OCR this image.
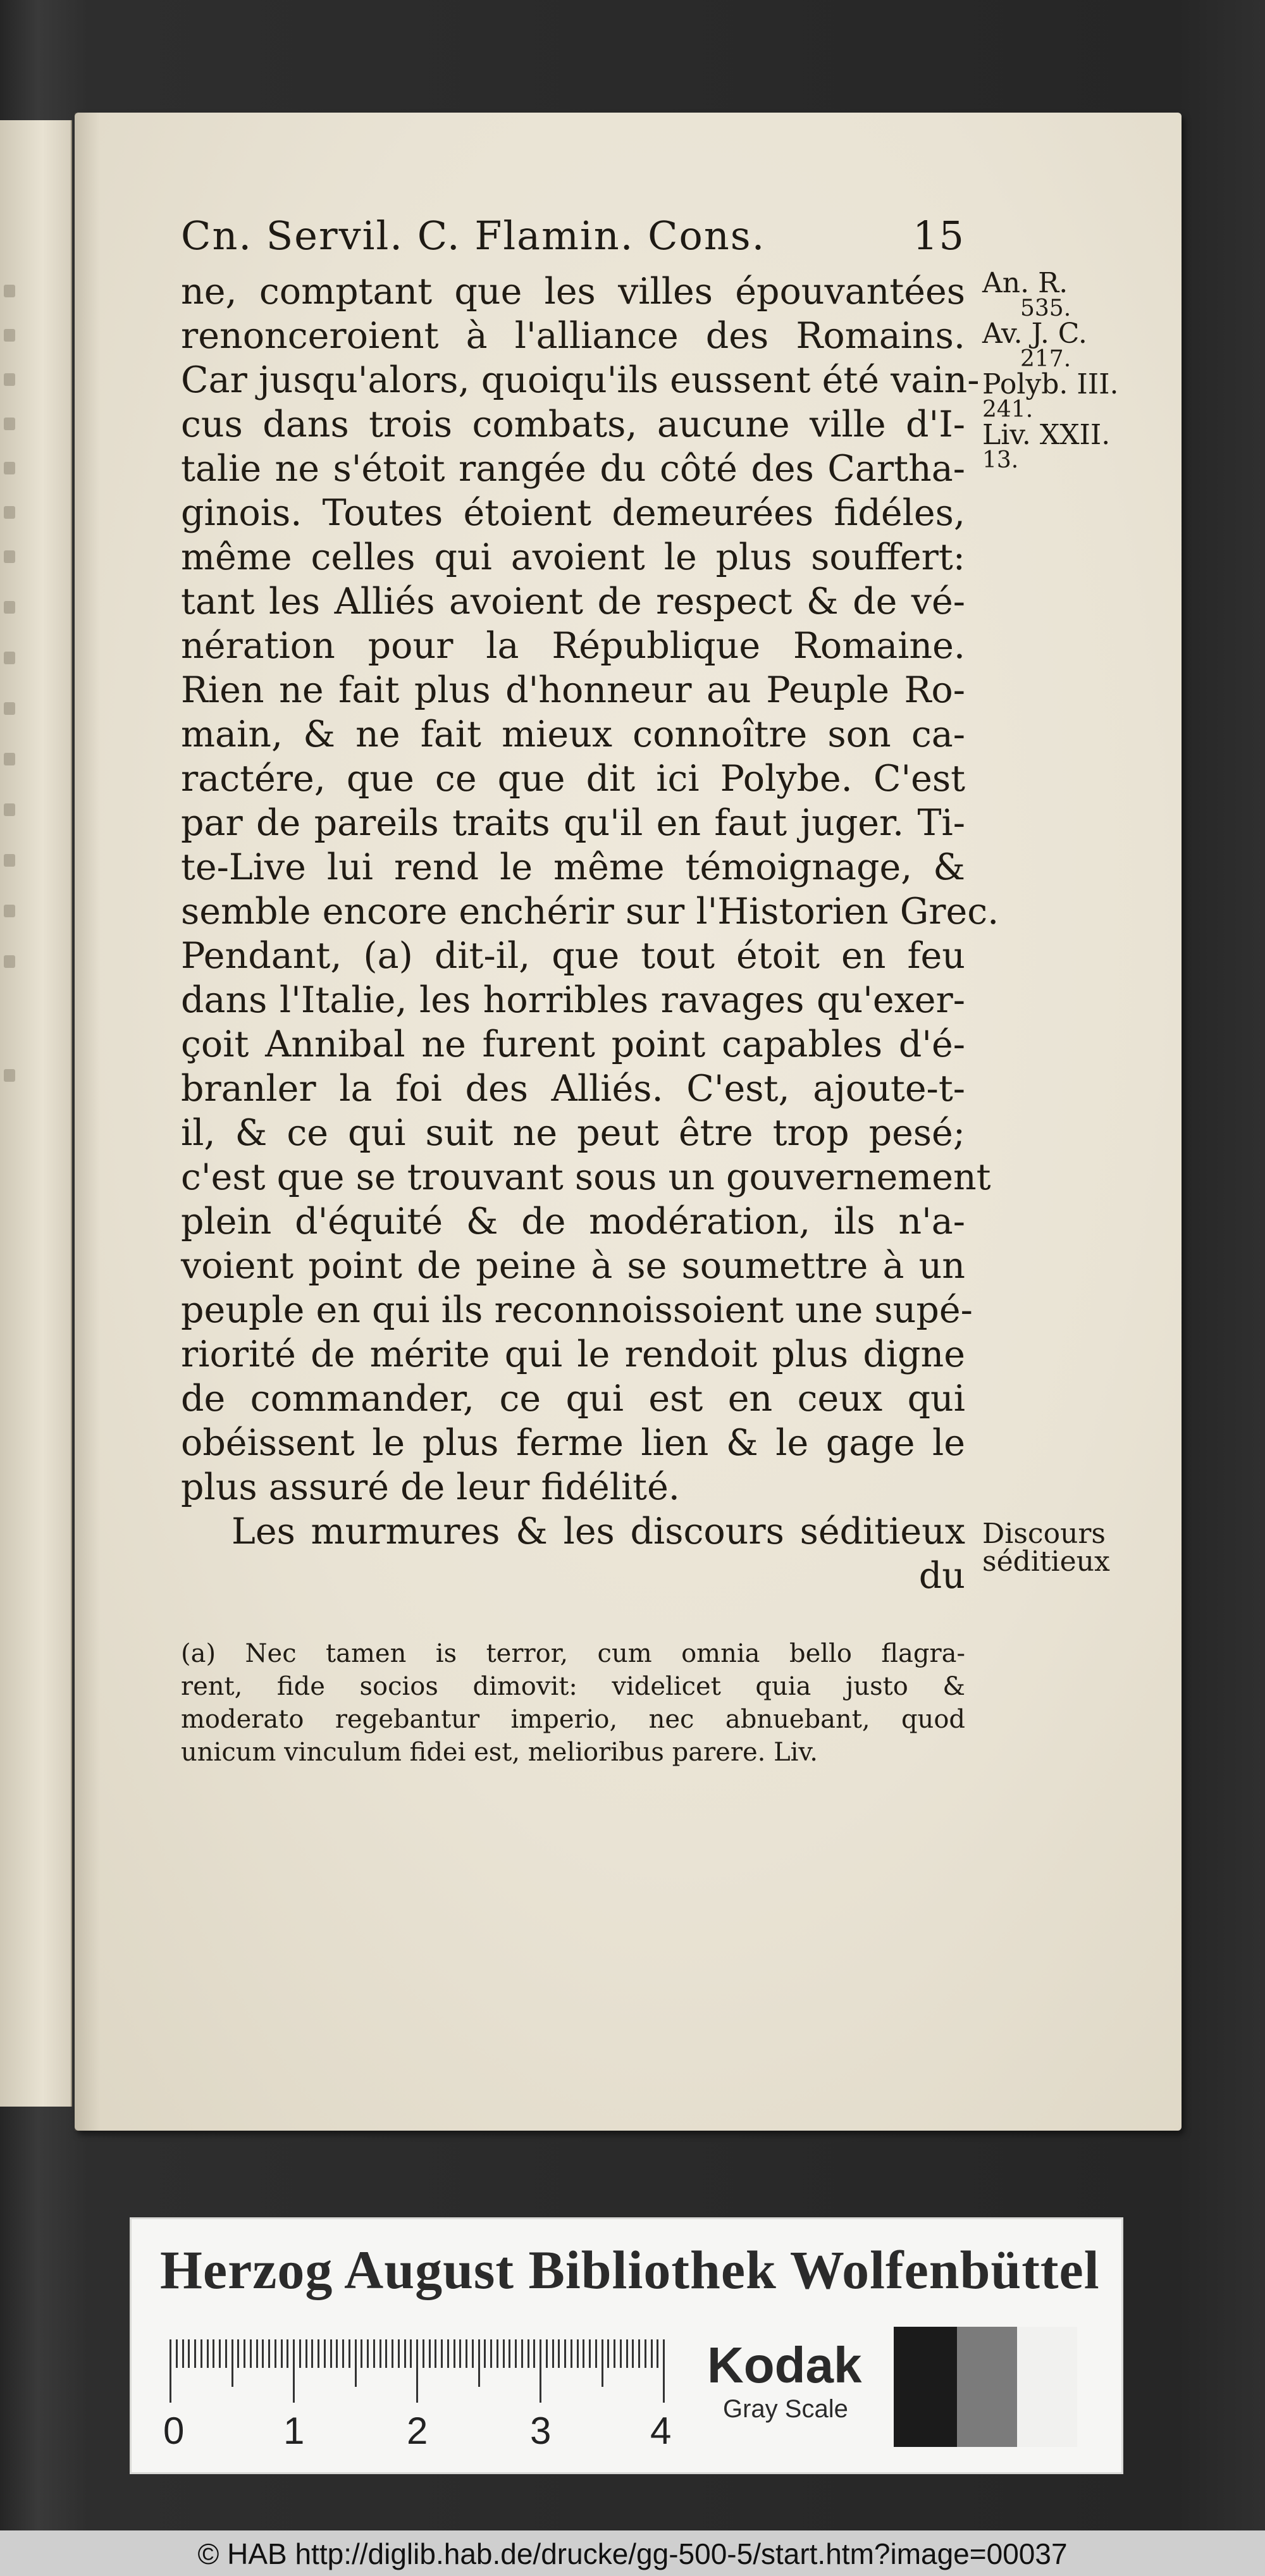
Cn. Servil. C. Flamin. Cons.	15
ne, comptant que les villes épouvantées
renonceroient à l'alliance des Romains.
Car jusqu'alors, quoiqu'ils eussent été vain-
cus dans trois combats, aucune ville d'I-
talie ne s'étoit rangée du côté des Cartha-
ginois. Toutes étoient demeurées fidéles,
même celles qui avoient le plus souffert:
tant les Alliés avoient de respect & de vé-
nération pour la République Romaine.
Rien ne fait plus d'honneur au Peuple Ro-
main, & ne fait mieux connoître son ca-
ractére, que ce que dit ici Polybe. C'est
par de pareils traits qu'il en faut juger. Ti-
te-Live lui rend le même témoignage, &
semble encore enchérir sur l'Historien Grec.
Pendant, (a) dit-il, que tout étoit en feu
dans l'Italie, les horribles ravages qu'exer-
çoit Annibal ne furent point capables d'é-
branler la foi des Alliés. C'est, ajoute-t-
il, & ce qui suit ne peut être trop pesé;
c'est que se trouvant sous un gouvernement
plein d'équité & de modération, ils n'a-
voient point de peine à se soumettre à un
peuple en qui ils reconnoissoient une supé-
riorité de mérite qui le rendoit plus digne
de commander, ce qui est en ceux qui
obéissent le plus ferme lien & le gage le
plus assuré de leur fidélité.
Les murmures & les discours séditieux
du
An. R.
535.
Av. J. C.
217.
Polyb. III.
241.
Liv. XXII.
13.
Discours
séditieux
(a) Nec tamen is terror, cum omnia bello flagra-
rent, fide socios dimovit: videlicet quia justo &
moderato regebantur imperio, nec abnuebant, quod
unicum vinculum fidei est, melioribus parere. Liv.
Herzog August Bibliothek Wolfenbüttel
0	1	2	3	4
Kodak
Gray Scale
© HAB http://diglib.hab.de/drucke/gg-500-5/start.htm?image=00037
